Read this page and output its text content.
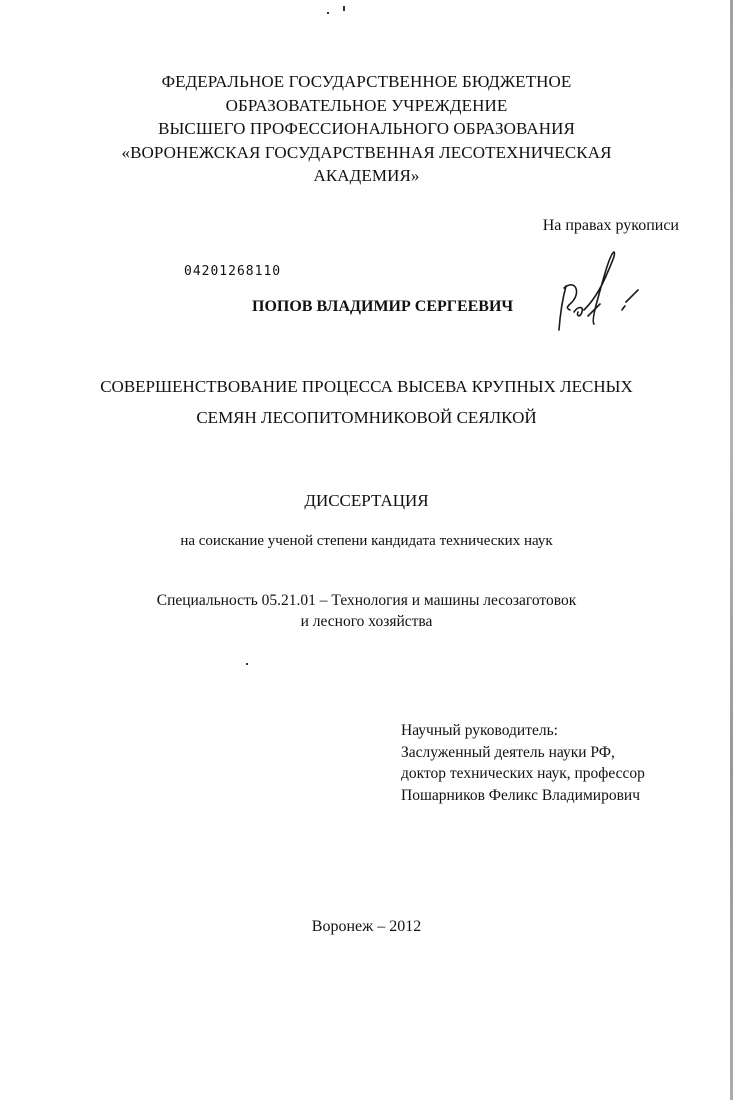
ФЕДЕРАЛЬНОЕ ГОСУДАРСТВЕННОЕ БЮДЖЕТНОЕ
ОБРАЗОВАТЕЛЬНОЕ УЧРЕЖДЕНИЕ
ВЫСШЕГО ПРОФЕССИОНАЛЬНОГО ОБРАЗОВАНИЯ
«ВОРОНЕЖСКАЯ ГОСУДАРСТВЕННАЯ ЛЕСОТЕХНИЧЕСКАЯ
АКАДЕМИЯ»
На правах рукописи
04201268110
ПОПОВ ВЛАДИМИР СЕРГЕЕВИЧ
СОВЕРШЕНСТВОВАНИЕ ПРОЦЕССА ВЫСЕВА КРУПНЫХ ЛЕСНЫХ
СЕМЯН ЛЕСОПИТОМНИКОВОЙ СЕЯЛКОЙ
ДИССЕРТАЦИЯ
на соискание ученой степени кандидата технических наук
Специальность 05.21.01 – Технология и машины лесозаготовок
и лесного хозяйства
Научный руководитель:
Заслуженный деятель науки РФ,
доктор технических наук, профессор
Пошарников Феликс Владимирович
Воронеж – 2012
